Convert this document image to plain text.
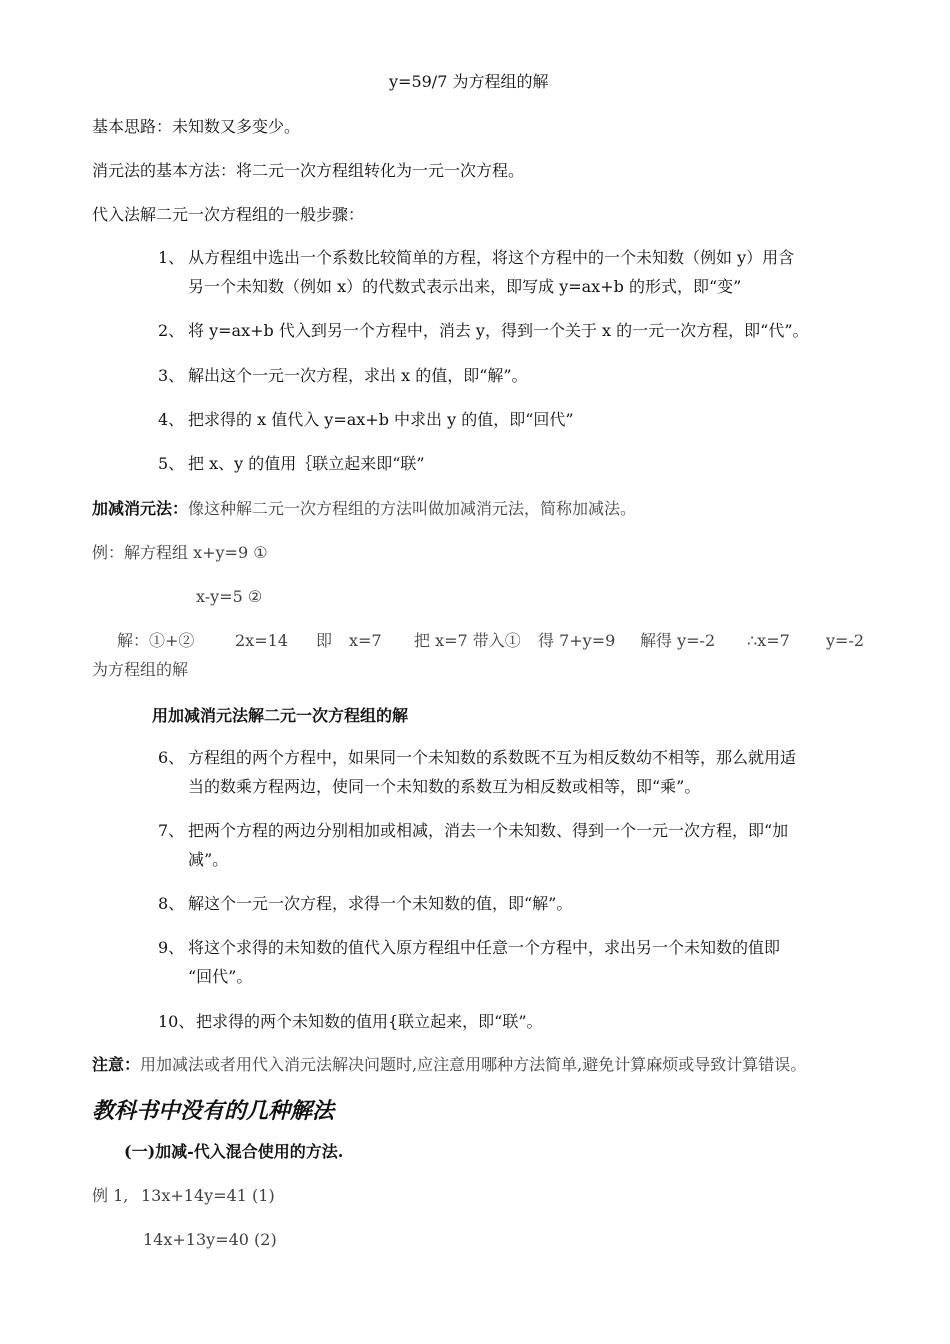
y=59/7 为方程组的解
基本思路：未知数又多变少。
消元法的基本方法：将二元一次方程组转化为一元一次方程。
代入法解二元一次方程组的一般步骤：
1、 从方程组中选出一个系数比较简单的方程，将这个方程中的一个未知数（例如 y）用含
另一个未知数（例如 x）的代数式表示出来，即写成 y=ax+b 的形式，即“变”
2、 将 y=ax+b 代入到另一个方程中，消去 y，得到一个关于 x 的一元一次方程，即“代”。
3、 解出这个一元一次方程，求出 x 的值，即“解”。
4、 把求得的 x 值代入 y=ax+b 中求出 y 的值，即“回代”
5、 把 x、y 的值用｛联立起来即“联”
加减消元法：像这种解二元一次方程组的方法叫做加减消元法，简称加减法。
例：解方程组 x+y=9 ①
x-y=5 ②
解：①+②	2x=14 即 x=7 把 x=7 带入① 得 7+y=9 解得 y=-2 ∴x=7 y=-2
为方程组的解
用加减消元法解二元一次方程组的解
6、 方程组的两个方程中，如果同一个未知数的系数既不互为相反数幼不相等，那么就用适
当的数乘方程两边，使同一个未知数的系数互为相反数或相等，即“乘”。
7、 把两个方程的两边分别相加或相减，消去一个未知数、得到一个一元一次方程，即“加
减”。
8、 解这个一元一次方程，求得一个未知数的值，即“解”。
9、 将这个求得的未知数的值代入原方程组中任意一个方程中，求出另一个未知数的值即
“回代”。
10、 把求得的两个未知数的值用{联立起来，即“联”。
注意：用加减法或者用代入消元法解决问题时,应注意用哪种方法简单,避免计算麻烦或导致计算错误。
教科书中没有的几种解法
(一)加减-代入混合使用的方法.
例 1, 13x+14y=41 (1)
14x+13y=40 (2)
